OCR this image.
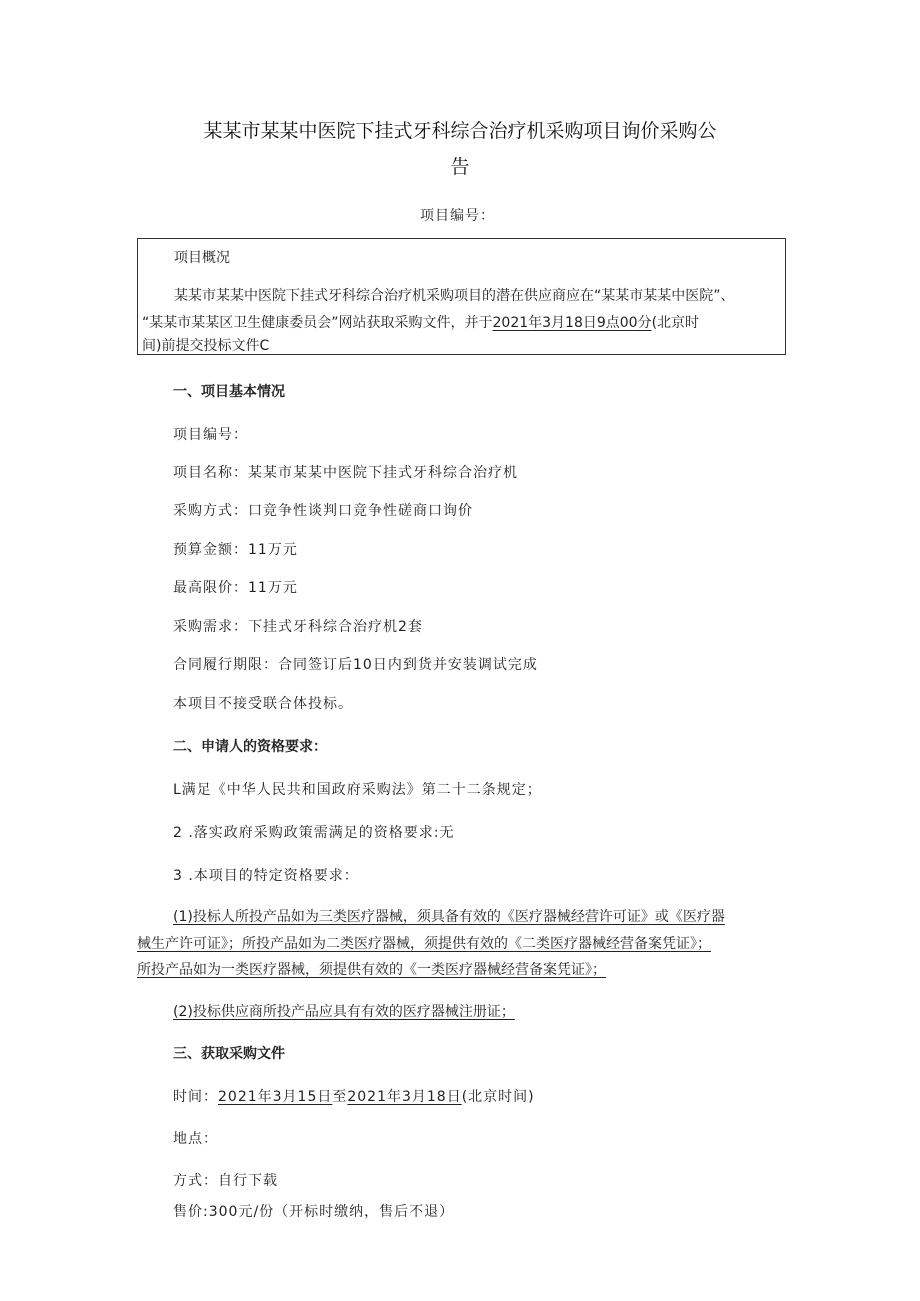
某某市某某中医院下挂式牙科综合治疗机采购项目询价采购公
告
项目编号：
项目概况
某某市某某中医院下挂式牙科综合治疗机采购项目的潜在供应商应在“某某市某某中医院”、
“某某市某某区卫生健康委员会”网站获取采购文件，并于2021年3月18日9点00分(北京时
间)前提交投标文件C
一、项目基本情况
项目编号：
项目名称：某某市某某中医院下挂式牙科综合治疗机
采购方式：口竞争性谈判口竞争性磋商口询价
预算金额：11万元
最高限价：11万元
采购需求：下挂式牙科综合治疗机2套
合同履行期限：合同签订后10日内到货并安装调试完成
本项目不接受联合体投标。
二、申请人的资格要求：
L满足《中华人民共和国政府采购法》第二十二条规定；
2 .落实政府采购政策需满足的资格要求:无
3 .本项目的特定资格要求：
(1)投标人所投产品如为三类医疗器械，须具备有效的《医疗器械经营许可证》或《医疗器
械生产许可证》；所投产品如为二类医疗器械，须提供有效的《二类医疗器械经营备案凭证》；
所投产品如为一类医疗器械，须提供有效的《一类医疗器械经营备案凭证》；
(2)投标供应商所投产品应具有有效的医疗器械注册证；
三、获取采购文件
时间：2021年3月15日至2021年3月18日(北京时间)
地点：
方式：自行下载
售价:300元/份（开标时缴纳，售后不退）
